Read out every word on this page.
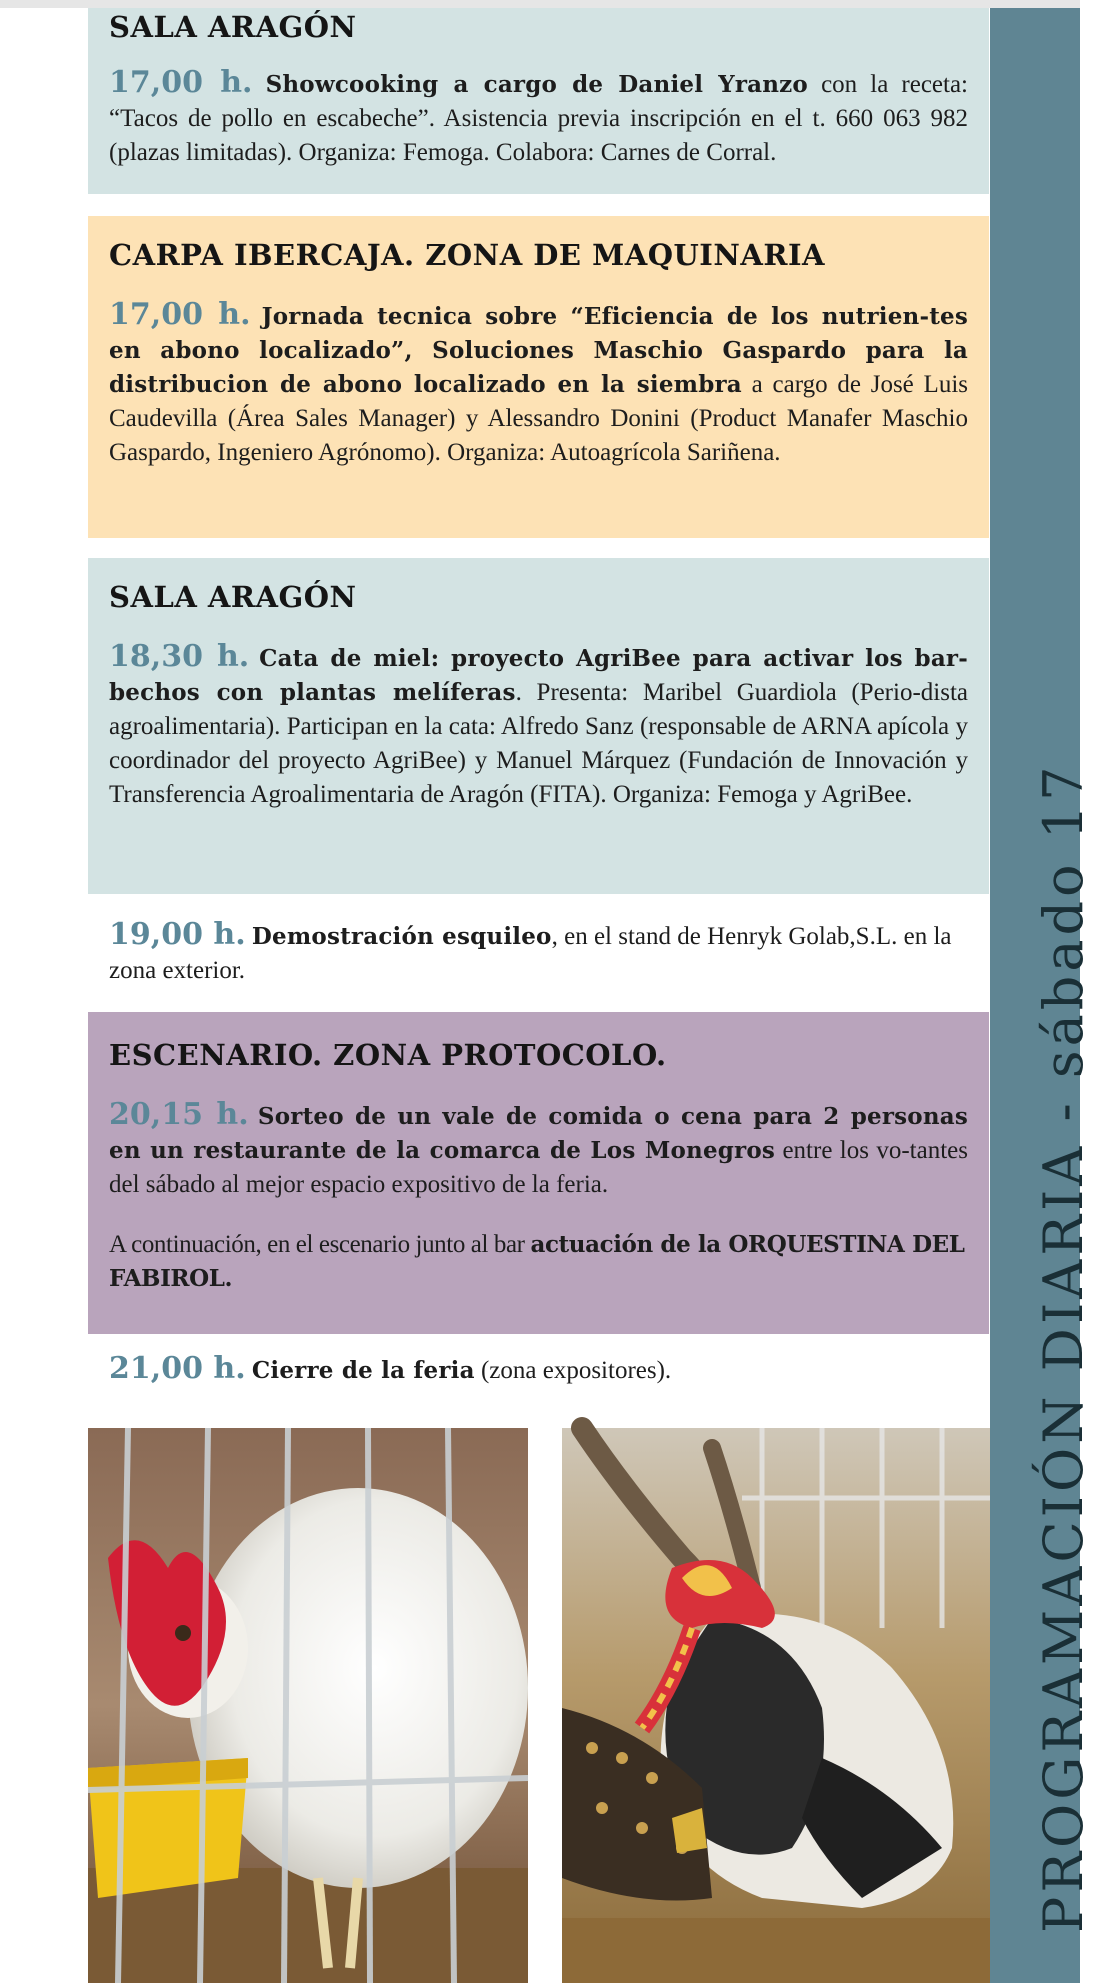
SALA ARAGÓN

17,00 h. Showcooking a cargo de Daniel Yranzo con la receta: “Tacos de pollo en escabeche”. Asistencia previa inscripción en el t. 660 063 982 (plazas limitadas). Organiza: Femoga. Colabora: Carnes de Corral.

CARPA IBERCAJA. ZONA DE MAQUINARIA

17,00 h. Jornada tecnica sobre “Eficiencia de los nutrien-tes en abono localizado”, Soluciones Maschio Gaspardo para la distribucion de abono localizado en la siembra a cargo de José Luis Caudevilla (Área Sales Manager) y Alessandro Donini (Product Manafer Maschio Gaspardo, Ingeniero Agrónomo). Organiza: Autoagrícola Sariñena.

SALA ARAGÓN

18,30 h. Cata de miel: proyecto AgriBee para activar los bar-bechos con plantas melíferas. Presenta: Maribel Guardiola (Perio-dista agroalimentaria). Participan en la cata: Alfredo Sanz (responsable de ARNA apícola y coordinador del proyecto AgriBee) y Manuel Márquez (Fundación de Innovación y Transferencia Agroalimentaria de Aragón (FITA). Organiza: Femoga y AgriBee.

19,00 h. Demostración esquileo, en el stand de Henryk Golab,S.L. en la zona exterior.

ESCENARIO. ZONA PROTOCOLO.

20,15 h. Sorteo de un vale de comida o cena para 2 personas en un restaurante de la comarca de Los Monegros entre los vo-tantes del sábado al mejor espacio expositivo de la feria.

A continuación, en el escenario junto al bar actuación de la ORQUESTINA DEL FABIROL.

21,00 h. Cierre de la feria (zona expositores).	PROGRAMACIÓN DIARIA - sábado 17
